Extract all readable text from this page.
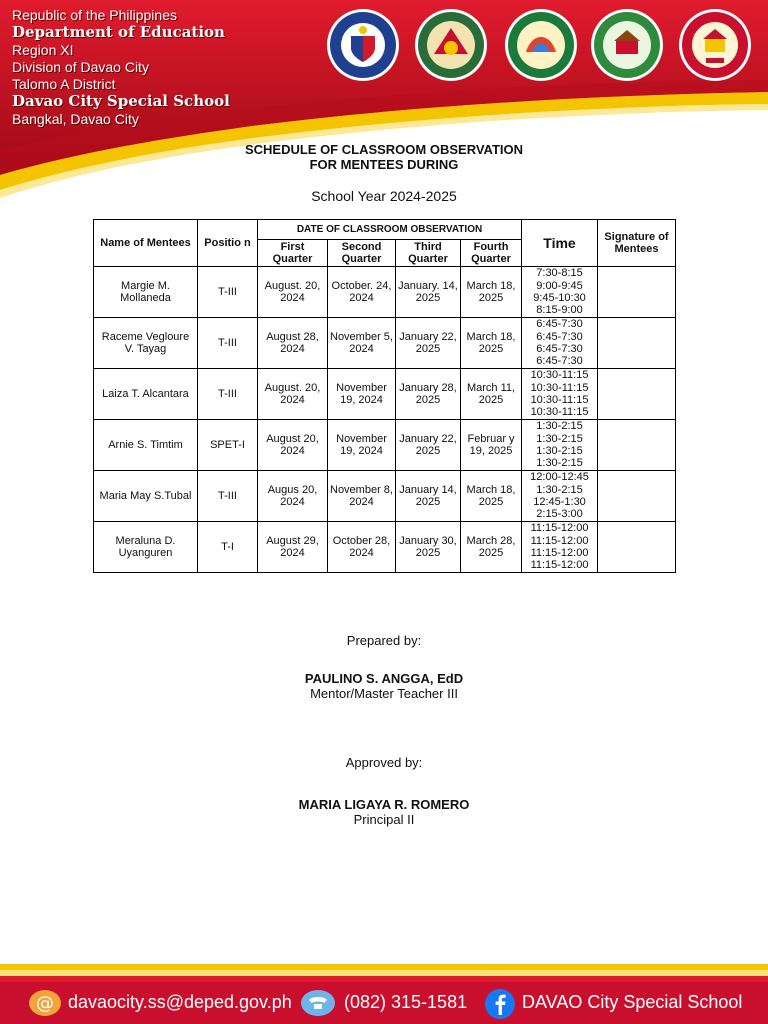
Republic of the Philippines
Department of Education
Region XI
Division of Davao City
Talomo A District
Davao City Special School
Bangkal, Davao City
SCHEDULE OF CLASSROOM OBSERVATION
FOR MENTEES DURING
School Year 2024-2025
Name of Mentees	Positio n	DATE OF CLASSROOM OBSERVATION				Time	Signature of Mentees
		First Quarter	Second Quarter	Third Quarter	Fourth Quarter		
Margie M. Mollaneda	T-III	August. 20, 2024	October. 24, 2024	January. 14, 2025	March 18, 2025	7:30-8:15
9:00-9:45
9:45-10:30
8:15-9:00	

Raceme Vegloure V. Tayag	T-III	August 28, 2024	November 5, 2024	January 22, 2025	March 18, 2025	6:45-7:30
6:45-7:30
6:45-7:30
6:45-7:30	

Laiza T. Alcantara	T-III	August. 20, 2024	November 19, 2024	January 28, 2025	March 11, 2025	10:30-11:15
10:30-11:15
10:30-11:15
10:30-11:15	

Arnie S. Timtim	SPET-I	August 20, 2024	November 19, 2024	January 22, 2025	Februar y 19, 2025	1:30-2:15
1:30-2:15
1:30-2:15
1:30-2:15	

Maria May S.Tubal	T-III	Augus 20, 2024	November 8, 2024	January 14, 2025	March 18, 2025	12:00-12:45
1:30-2:15
12:45-1:30
2:15-3:00	

Meraluna D. Uyanguren	T-I	August 29, 2024	October 28, 2024	January 30, 2025	March 28, 2025	11:15-12:00
11:15-12:00
11:15-12:00
11:15-12:00	

Prepared by:
PAULINO S. ANGGA, EdD
Mentor/Master Teacher III
Approved by:
MARIA LIGAYA R. ROMERO
Principal II
@ davaocity.ss@deped.gov.ph	(082) 315-1581	DAVAO City Special School
